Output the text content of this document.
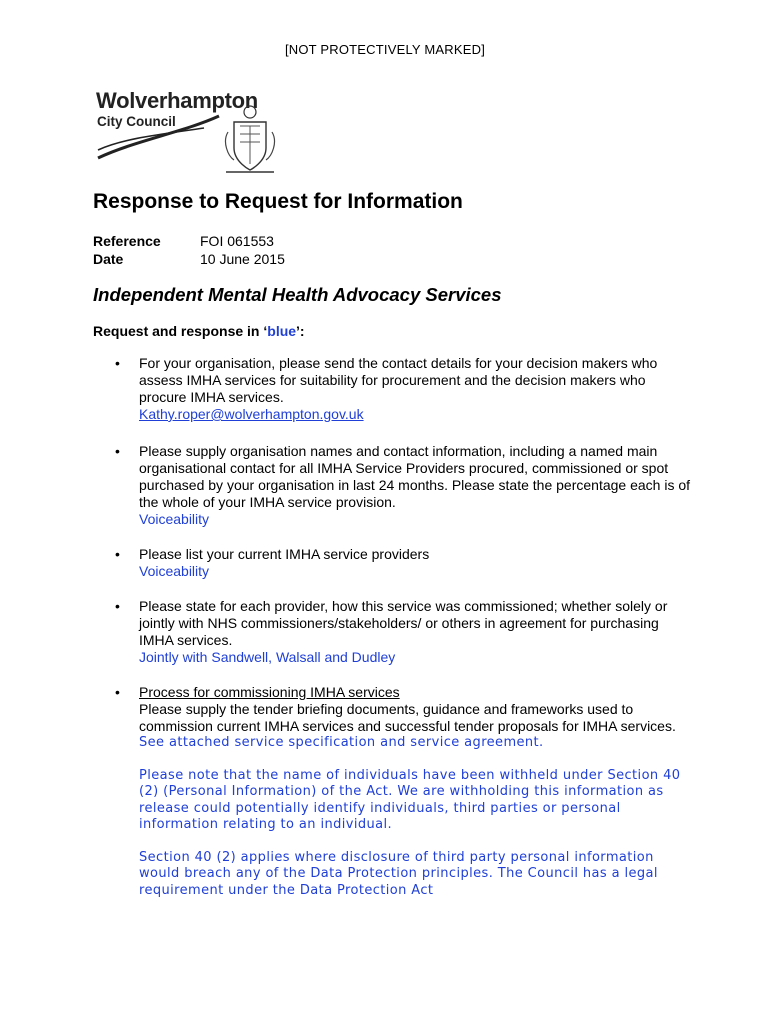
[NOT PROTECTIVELY MARKED]
Wolverhampton
City Council
Response to Request for Information
Reference	FOI 061553
Date	10 June 2015
Independent Mental Health Advocacy Services
Request and response in ‘blue’:
• For your organisation, please send the contact details for your decision makers who assess IMHA services for suitability for procurement and the decision makers who procure IMHA services.
Kathy.roper@wolverhampton.gov.uk
• Please supply organisation names and contact information, including a named main organisational contact for all IMHA Service Providers procured, commissioned or spot purchased by your organisation in last 24 months. Please state the percentage each is of the whole of your IMHA service provision.
Voiceability
• Please list your current IMHA service providers
Voiceability
• Please state for each provider, how this service was commissioned; whether solely or jointly with NHS commissioners/stakeholders/ or others in agreement for purchasing IMHA services.
Jointly with Sandwell, Walsall and Dudley
• Process for commissioning IMHA services
Please supply the tender briefing documents, guidance and frameworks used to commission current IMHA services and successful tender proposals for IMHA services.
See attached service specification and service agreement.
Please note that the name of individuals have been withheld under Section 40 (2) (Personal Information) of the Act. We are withholding this information as release could potentially identify individuals, third parties or personal information relating to an individual.
Section 40 (2) applies where disclosure of third party personal information would breach any of the Data Protection principles. The Council has a legal requirement under the Data Protection Act
